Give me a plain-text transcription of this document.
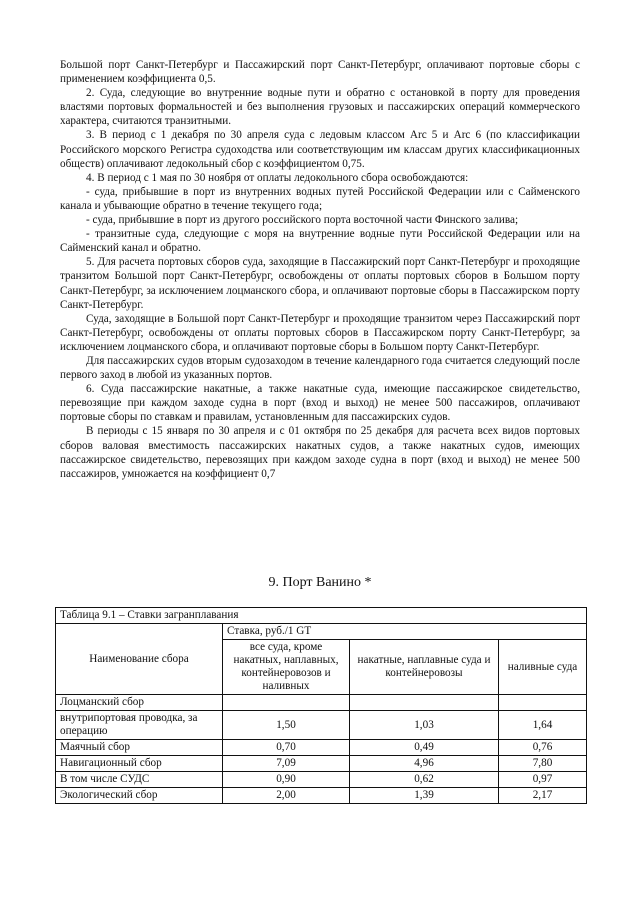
Большой порт Санкт-Петербург и Пассажирский порт Санкт-Петербург, оплачивают портовые сборы с применением коэффициента 0,5.

2. Суда, следующие во внутренние водные пути и обратно с остановкой в порту для проведения властями портовых формальностей и без выполнения грузовых и пассажирских операций коммерческого характера, считаются транзитными.

3. В период с 1 декабря по 30 апреля суда с ледовым классом Arc 5 и Arc 6 (по классификации Российского морского Регистра судоходства или соответствующим им классам других классификационных обществ) оплачивают ледокольный сбор с коэффициентом 0,75.

4. В период с 1 мая по 30 ноября от оплаты ледокольного сбора освобождаются:

- суда, прибывшие в порт из внутренних водных путей Российской Федерации или с Сайменского канала и убывающие обратно в течение текущего года;

- суда, прибывшие в порт из другого российского порта восточной части Финского залива;

- транзитные суда, следующие с моря на внутренние водные пути Российской Федерации или на Сайменский канал и обратно.

5. Для расчета портовых сборов суда, заходящие в Пассажирский порт Санкт-Петербург и проходящие транзитом Большой порт Санкт-Петербург, освобождены от оплаты портовых сборов в Большом порту Санкт-Петербург, за исключением лоцманского сбора, и оплачивают портовые сборы в Пассажирском порту Санкт-Петербург.

Суда, заходящие в Большой порт Санкт-Петербург и проходящие транзитом через Пассажирский порт Санкт-Петербург, освобождены от оплаты портовых сборов в Пассажирском порту Санкт-Петербург, за исключением лоцманского сбора, и оплачивают портовые сборы в Большом порту Санкт-Петербург.

Для пассажирских судов вторым судозаходом в течение календарного года считается следующий после первого заход в любой из указанных портов.

6. Суда пассажирские накатные, а также накатные суда, имеющие пассажирское свидетельство, перевозящие при каждом заходе судна в порт (вход и выход) не менее 500 пассажиров, оплачивают портовые сборы по ставкам и правилам, установленным для пассажирских судов.

В периоды с 15 января по 30 апреля и с 01 октября по 25 декабря для расчета всех видов портовых сборов валовая вместимость пассажирских накатных судов, а также накатных судов, имеющих пассажирское свидетельство, перевозящих при каждом заходе судна в порт (вход и выход) не менее 500 пассажиров, умножается на коэффициент 0,7

9. Порт Ванино *
Таблица 9.1 – Ставки загранплавания			
Наименование сбора	Ставка, руб./1 GT		
	все суда, кроме накатных, наплавных, контейнеровозов и наливных	накатные, наплавные суда и контейнеровозы	наливные суда
Лоцманский сбор			
внутрипортовая проводка, за операцию	1,50	1,03	1,64
Маячный сбор	0,70	0,49	0,76
Навигационный сбор	7,09	4,96	7,80
В том числе СУДС	0,90	0,62	0,97
Экологический сбор	2,00	1,39	2,17
